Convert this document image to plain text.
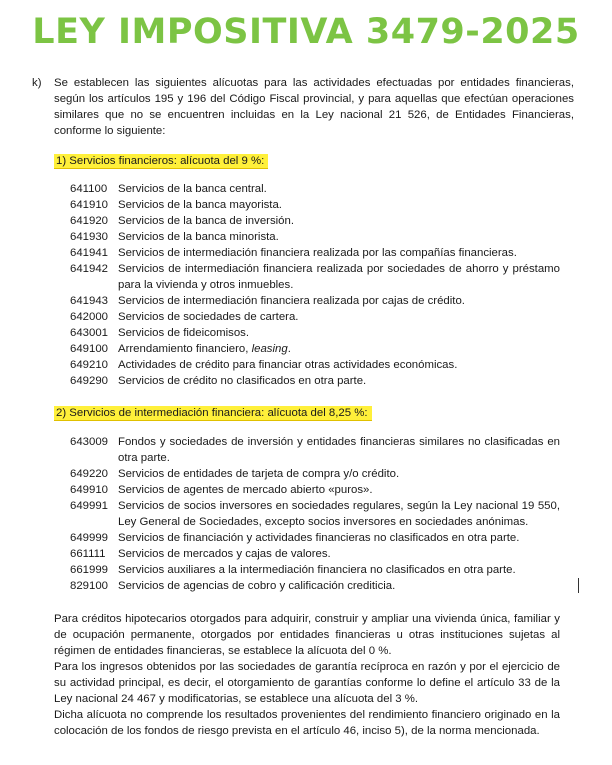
LEY IMPOSITIVA 3479-2025
k) Se establecen las siguientes alícuotas para las actividades efectuadas por entidades financieras, según los artículos 195 y 196 del Código Fiscal provincial, y para aquellas que efectúan operaciones similares que no se encuentren incluidas en la Ley nacional 21 526, de Entidades Financieras, conforme lo siguiente:
1) Servicios financieros: alícuota del 9 %:
641100 Servicios de la banca central.
641910 Servicios de la banca mayorista.
641920 Servicios de la banca de inversión.
641930 Servicios de la banca minorista.
641941 Servicios de intermediación financiera realizada por las compañías financieras.
641942 Servicios de intermediación financiera realizada por sociedades de ahorro y préstamo para la vivienda y otros inmuebles.
641943 Servicios de intermediación financiera realizada por cajas de crédito.
642000 Servicios de sociedades de cartera.
643001 Servicios de fideicomisos.
649100 Arrendamiento financiero, leasing.
649210 Actividades de crédito para financiar otras actividades económicas.
649290 Servicios de crédito no clasificados en otra parte.
2) Servicios de intermediación financiera: alícuota del 8,25 %:
643009 Fondos y sociedades de inversión y entidades financieras similares no clasificadas en otra parte.
649220 Servicios de entidades de tarjeta de compra y/o crédito.
649910 Servicios de agentes de mercado abierto «puros».
649991 Servicios de socios inversores en sociedades regulares, según la Ley nacional 19 550, Ley General de Sociedades, excepto socios inversores en sociedades anónimas.
649999 Servicios de financiación y actividades financieras no clasificados en otra parte.
661111	Servicios de mercados y cajas de valores.
661999 Servicios auxiliares a la intermediación financiera no clasificados en otra parte.
829100 Servicios de agencias de cobro y calificación crediticia.
Para créditos hipotecarios otorgados para adquirir, construir y ampliar una vivienda única, familiar y de ocupación permanente, otorgados por entidades financieras u otras instituciones sujetas al régimen de entidades financieras, se establece la alícuota del 0 %.
Para los ingresos obtenidos por las sociedades de garantía recíproca en razón y por el ejercicio de su actividad principal, es decir, el otorgamiento de garantías conforme lo define el artículo 33 de la Ley nacional 24 467 y modificatorias, se establece una alícuota del 3 %.
Dicha alícuota no comprende los resultados provenientes del rendimiento financiero originado en la colocación de los fondos de riesgo prevista en el artículo 46, inciso 5), de la norma mencionada.
